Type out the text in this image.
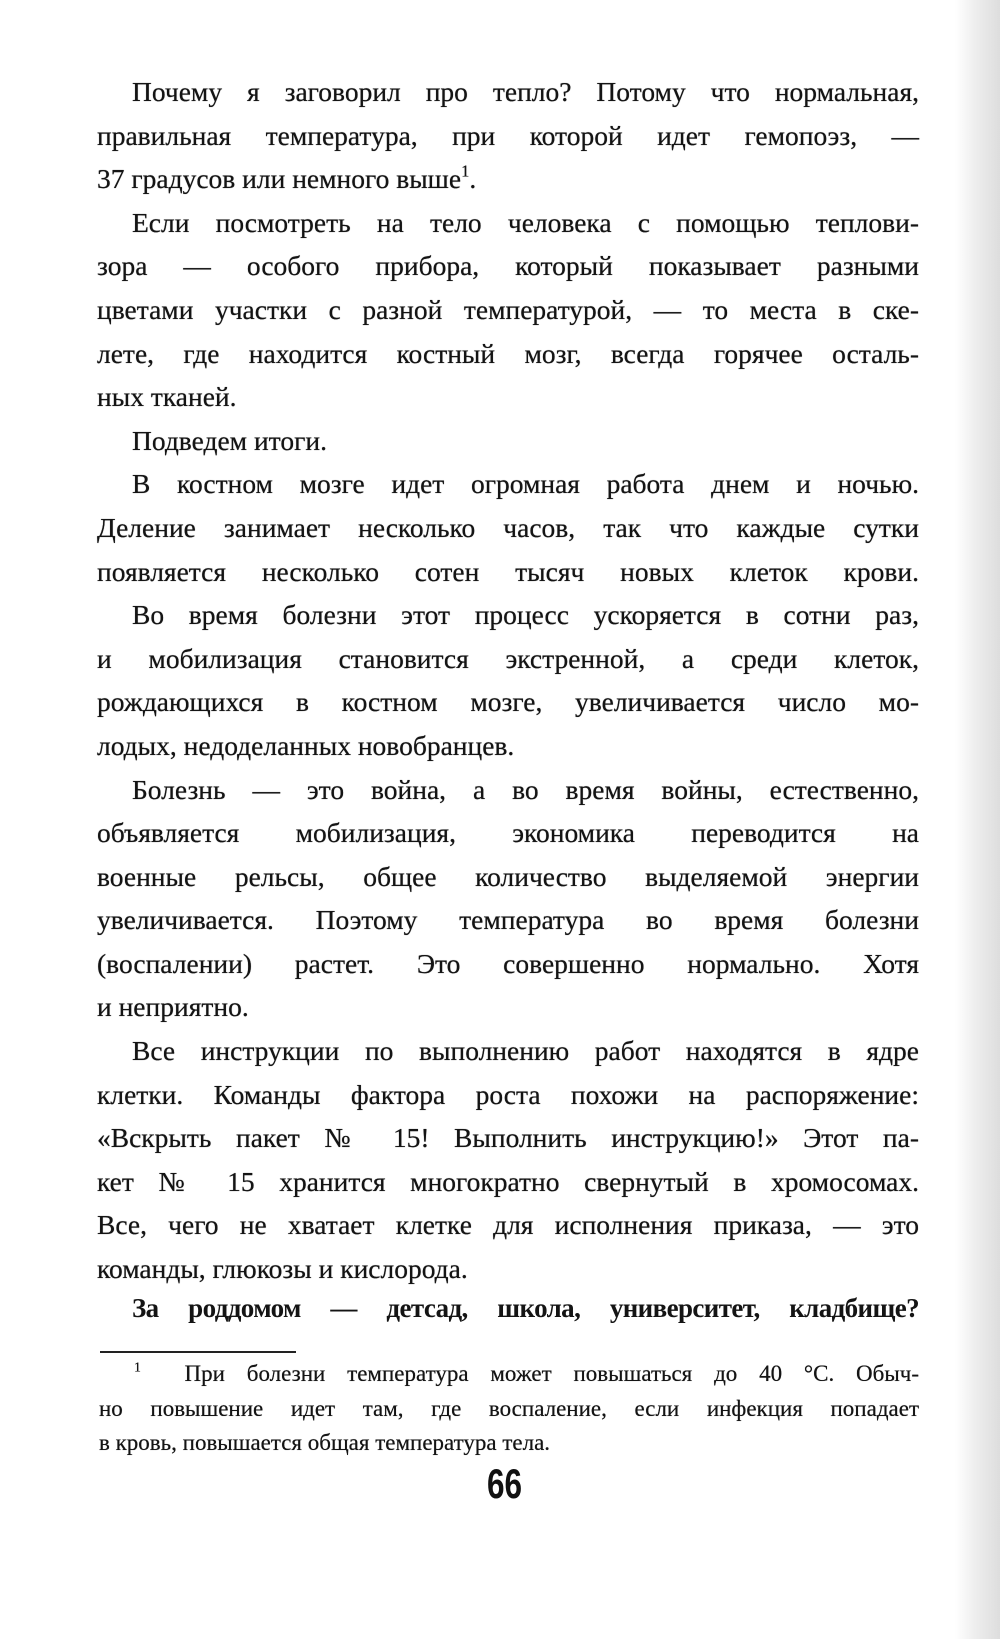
Почему я заговорил про тепло? Потому что нормальная,
правильная температура, при которой идет гемопоэз, —
37 градусов или немного выше$^1$.
Если посмотреть на тело человека с помощью теплови-
зора — особого прибора, который показывает разными
цветами участки с разной температурой, — то места в ске-
лете, где находится костный мозг, всегда горячее осталь-
ных тканей.
Подведем итоги.
В костном мозге идет огромная работа днем и ночью.
Деление занимает несколько часов, так что каждые сутки
появляется несколько сотен тысяч новых клеток крови.
Во время болезни этот процесс ускоряется в сотни раз,
и мобилизация становится экстренной, а среди клеток,
рождающихся в костном мозге, увеличивается число мо-
лодых, недоделанных новобранцев.
Болезнь — это война, а во время войны, естественно,
объявляется мобилизация, экономика переводится на
военные рельсы, общее количество выделяемой энергии
увеличивается. Поэтому температура во время болезни
(воспалении) растет. Это совершенно нормально. Хотя
и неприятно.
Все инструкции по выполнению работ находятся в ядре
клетки. Команды фактора роста похожи на распоряжение:
«Вскрыть пакет № 15! Выполнить инструкцию!» Этот па-
кет № 15 хранится многократно свернутый в хромосомах.
Все, чего не хватает клетке для исполнения приказа, — это
команды, глюкозы и кислорода.
За роддомом — детсад, школа, университет, кладбище?
$^1$ При болезни температура может повышаться до 40 °С. Обыч-
но повышение идет там, где воспаление, если инфекция попадает
в кровь, повышается общая температура тела.
66
